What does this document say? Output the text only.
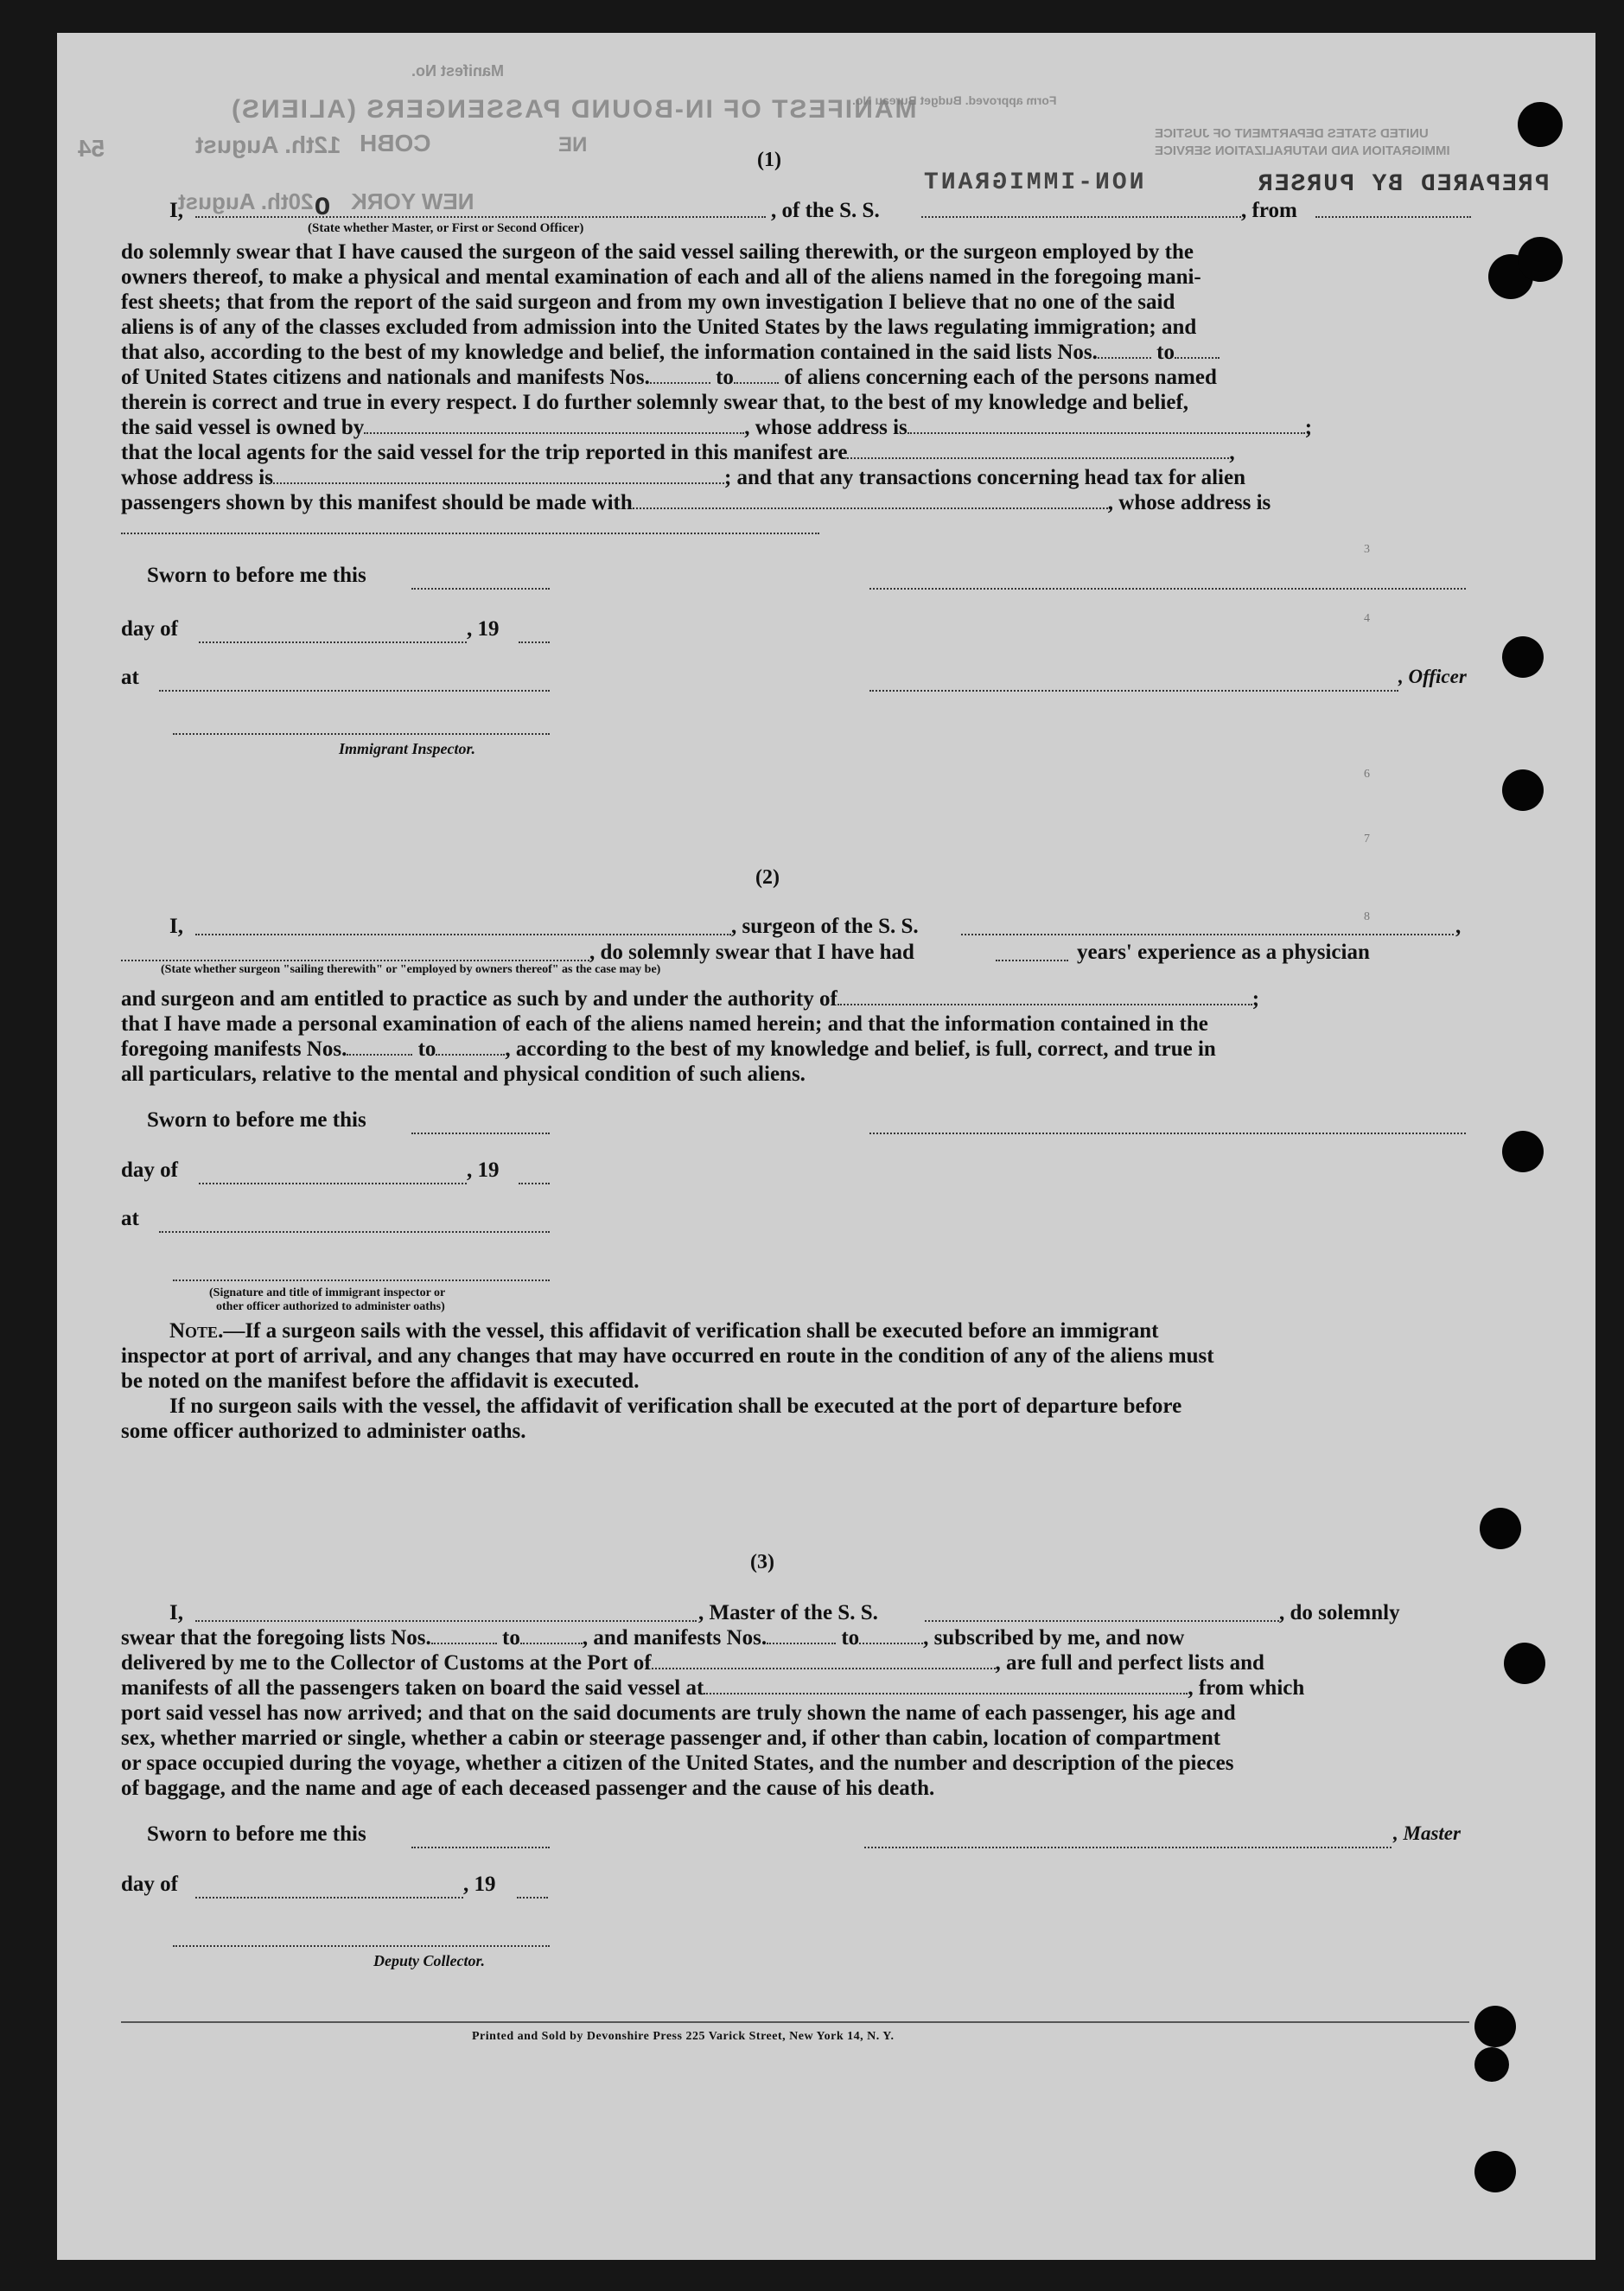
3
4
6
7
8
MANIFEST OF IN-BOUND PASSENGERS (ALIENS)
Manifest No.
COBH
12th. August
54
NEW YORK
20th. August
NE	UNITED STATES DEPARTMENT OF JUSTICE
IMMIGRATION AND NATURALIZATION SERVICE
Form approved. Budget Bureau No.
NON-IMMIGRANT	PREPARED BY PURSER
(1)
I,	O	, of the S. S.	, from
(State whether Master, or First or Second Officer)
do solemnly swear that I have caused the surgeon of the said vessel sailing therewith, or the surgeon employed by the
owners thereof, to make a physical and mental examination of each and all of the aliens named in the foregoing mani-
fest sheets; that from the report of the said surgeon and from my own investigation I believe that no one of the said
aliens is of any of the classes excluded from admission into the United States by the laws regulating immigration; and
that also, according to the best of my knowledge and belief, the information contained in the said lists Nos.	to
of United States citizens and nationals and manifests Nos.	to of aliens concerning each of the persons named
therein is correct and true in every respect. I do further solemnly swear that, to the best of my knowledge and belief,
the said vessel is owned by	, whose address is	;
that the local agents for the said vessel for the trip reported in this manifest are	,
whose address is	; and that any transactions concerning head tax for alien
passengers shown by this manifest should be made with	, whose address is
Sworn to before me this
day of	, 19
at	, Officer
Immigrant Inspector.
(2)
I,	, surgeon of the S. S.	,
, do solemnly swear that I have had	years' experience as a physician
(State whether surgeon "sailing therewith" or "employed by owners thereof" as the case may be)
and surgeon and am entitled to practice as such by and under the authority of	;
that I have made a personal examination of each of the aliens named herein; and that the information contained in the
foregoing manifests Nos.	to	, according to the best of my knowledge and belief, is full, correct, and true in
all particulars, relative to the mental and physical condition of such aliens.
Sworn to before me this
day of	, 19
at
(Signature and title of immigrant inspector or
other officer authorized to administer oaths)
Note.—If a surgeon sails with the vessel, this affidavit of verification shall be executed before an immigrant
inspector at port of arrival, and any changes that may have occurred en route in the condition of any of the aliens must
be noted on the manifest before the affidavit is executed.
If no surgeon sails with the vessel, the affidavit of verification shall be executed at the port of departure before
some officer authorized to administer oaths.
(3)
I,	, Master of the S. S.	, do solemnly
swear that the foregoing lists Nos.	to	, and manifests Nos.	to	, subscribed by me, and now
delivered by me to the Collector of Customs at the Port of	, are full and perfect lists and
manifests of all the passengers taken on board the said vessel at	, from which
port said vessel has now arrived; and that on the said documents are truly shown the name of each passenger, his age and
sex, whether married or single, whether a cabin or steerage passenger and, if other than cabin, location of compartment
or space occupied during the voyage, whether a citizen of the United States, and the number and description of the pieces
of baggage, and the name and age of each deceased passenger and the cause of his death.
Sworn to before me this	, Master
day of	, 19
Deputy Collector.
Printed and Sold by Devonshire Press 225 Varick Street, New York 14, N. Y.
